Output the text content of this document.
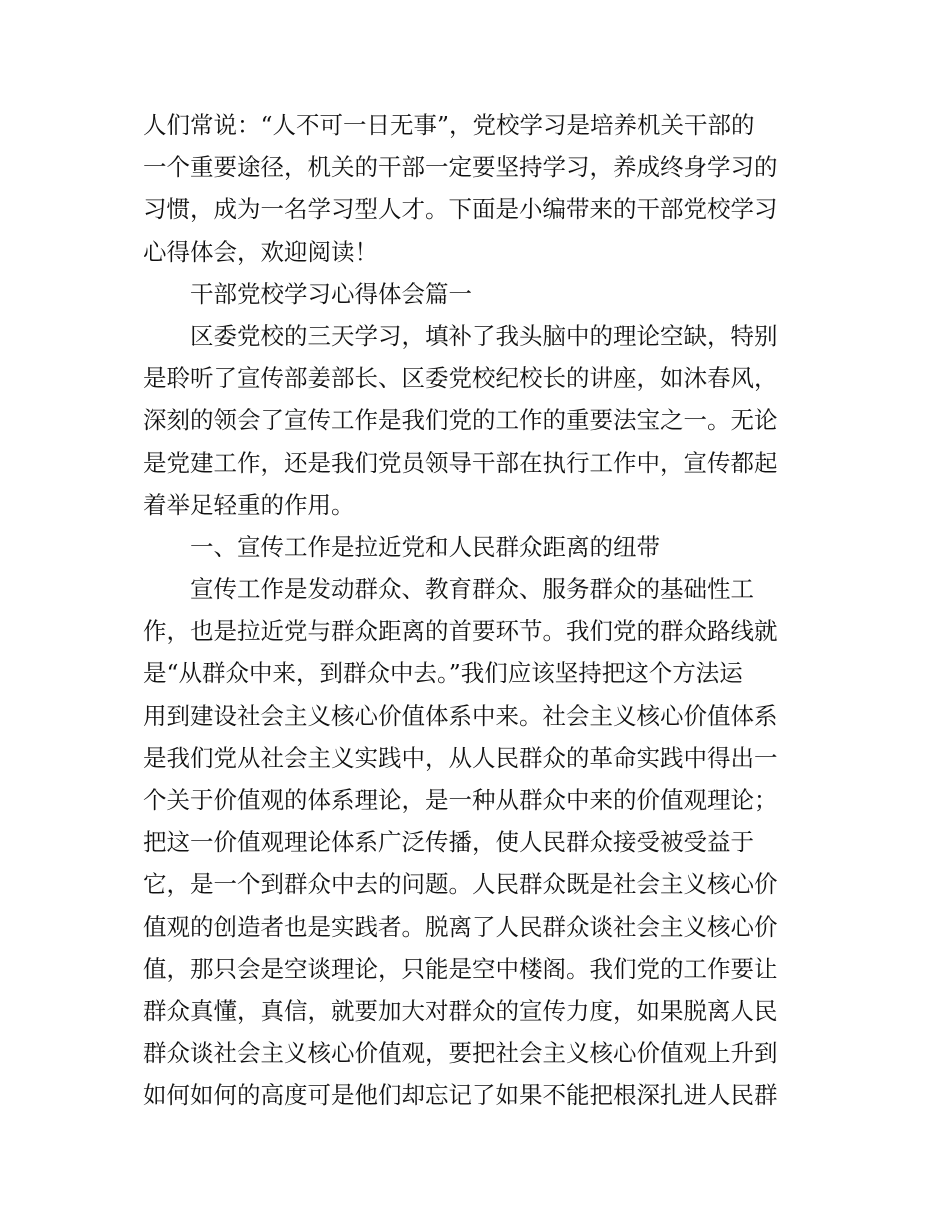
人们常说：“人不可一日无事”，党校学习是培养机关干部的
一个重要途径，机关的干部一定要坚持学习，养成终身学习的
习惯，成为一名学习型人才。下面是小编带来的干部党校学习
心得体会，欢迎阅读！
干部党校学习心得体会篇一
区委党校的三天学习，填补了我头脑中的理论空缺，特别
是聆听了宣传部姜部长、区委党校纪校长的讲座，如沐春风，
深刻的领会了宣传工作是我们党的工作的重要法宝之一。无论
是党建工作，还是我们党员领导干部在执行工作中，宣传都起
着举足轻重的作用。
一、宣传工作是拉近党和人民群众距离的纽带
宣传工作是发动群众、教育群众、服务群众的基础性工
作，也是拉近党与群众距离的首要环节。我们党的群众路线就
是“从群众中来，到群众中去。”我们应该坚持把这个方法运
用到建设社会主义核心价值体系中来。社会主义核心价值体系
是我们党从社会主义实践中，从人民群众的革命实践中得出一
个关于价值观的体系理论，是一种从群众中来的价值观理论；
把这一价值观理论体系广泛传播，使人民群众接受被受益于
它，是一个到群众中去的问题。人民群众既是社会主义核心价
值观的创造者也是实践者。脱离了人民群众谈社会主义核心价
值，那只会是空谈理论，只能是空中楼阁。我们党的工作要让
群众真懂，真信，就要加大对群众的宣传力度，如果脱离人民
群众谈社会主义核心价值观，要把社会主义核心价值观上升到
如何如何的高度可是他们却忘记了如果不能把根深扎进人民群
